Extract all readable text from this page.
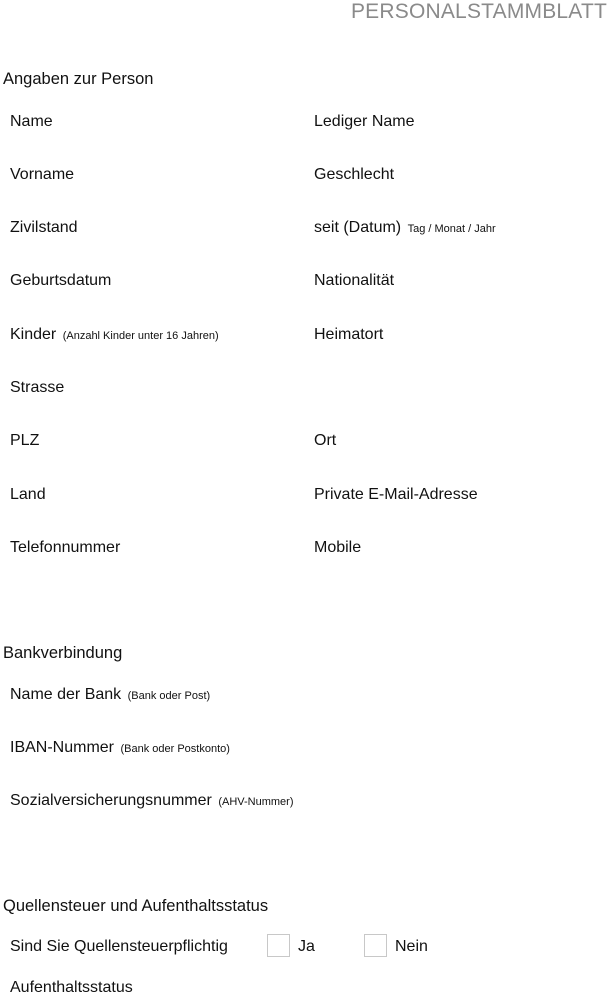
PERSONALSTAMMBLATT
Angaben zur Person
Name	Lediger Name
Vorname	Geschlecht
Zivilstand	seit (Datum) Tag / Monat / Jahr
Geburtsdatum	Nationalität
Kinder (Anzahl Kinder unter 16 Jahren)	Heimatort
Strasse
PLZ	Ort
Land	Private E-Mail-Adresse
Telefonnummer	Mobile
Bankverbindung
Name der Bank (Bank oder Post)
IBAN-Nummer (Bank oder Postkonto)
Sozialversicherungsnummer (AHV-Nummer)
Quellensteuer und Aufenthaltsstatus
Sind Sie Quellensteuerpflichtig	Ja	Nein
Aufenthaltsstatus
